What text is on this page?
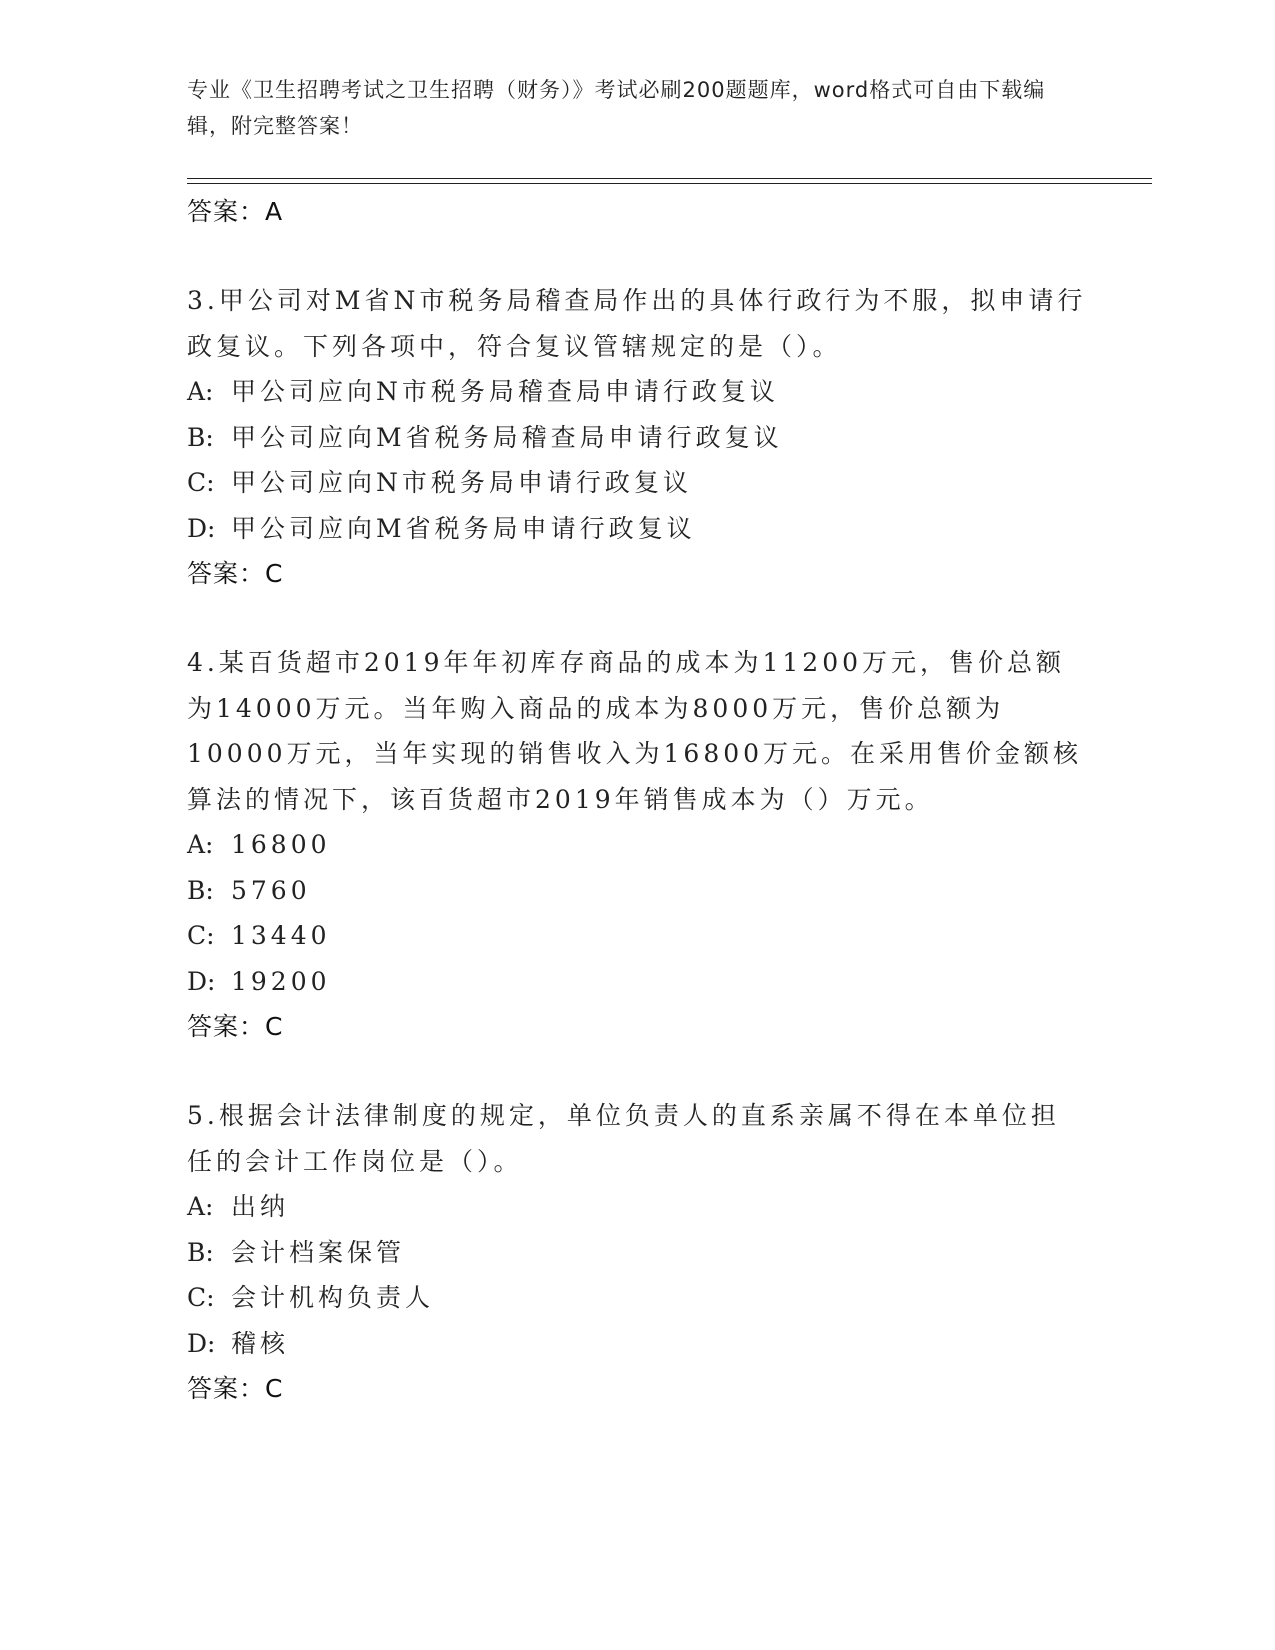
专业《卫生招聘考试之卫生招聘（财务）》考试必刷200题题库，word格式可自由下载编辑，附完整答案！
答案：A
3.甲公司对M省N市税务局稽查局作出的具体行政行为不服，拟申请行政复议。下列各项中，符合复议管辖规定的是（）。
A: 甲公司应向N市税务局稽查局申请行政复议
B: 甲公司应向M省税务局稽查局申请行政复议
C: 甲公司应向N市税务局申请行政复议
D: 甲公司应向M省税务局申请行政复议
答案：C
4.某百货超市2019年年初库存商品的成本为11200万元，售价总额为14000万元。当年购入商品的成本为8000万元，售价总额为10000万元，当年实现的销售收入为16800万元。在采用售价金额核算法的情况下，该百货超市2019年销售成本为（）万元。
A: 16800
B: 5760
C: 13440
D: 19200
答案：C
5.根据会计法律制度的规定，单位负责人的直系亲属不得在本单位担任的会计工作岗位是（）。
A: 出纳
B: 会计档案保管
C: 会计机构负责人
D: 稽核
答案：C
